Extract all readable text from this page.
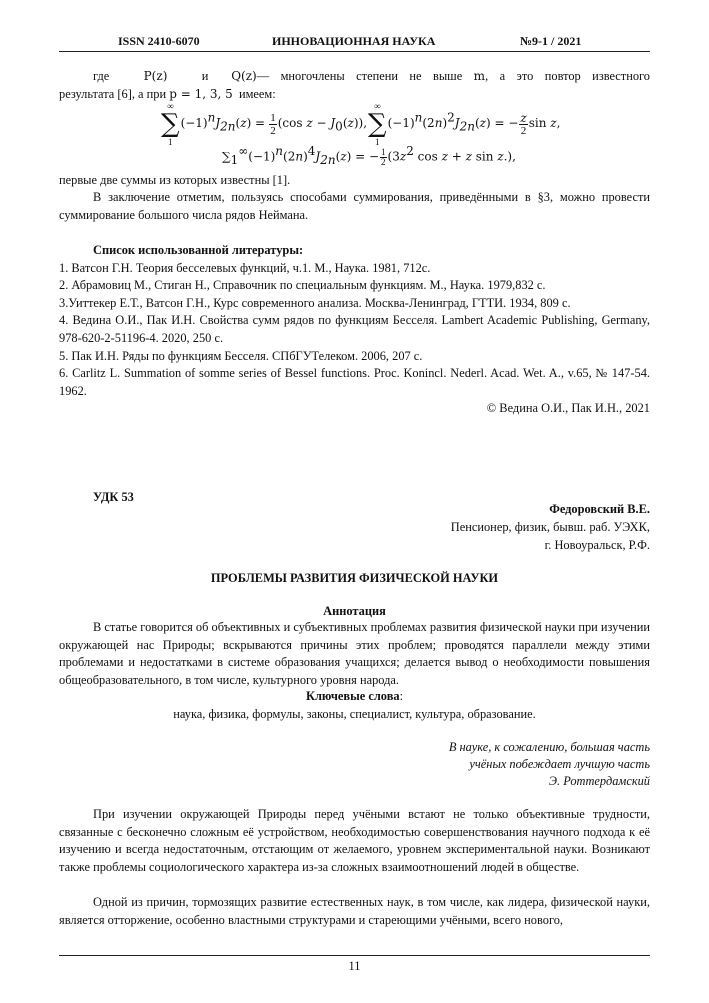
ISSN 2410-6070	ИННОВАЦИОННАЯ НАУКА	№9-1 / 2021

где	P(z)   и  Q(z)— многочлены степени не выше m, а это повтор известного

результата [6], а при p = 1, 3, 5 имеем:
∞
∑
1
$(-1)^nJ_{2n}(z) = \frac{1}{2} (\cos$ $z - J_0(z)$),
∞
∑
1
$(-1)^n(2n)^2J_{2n}(z)$ = − $\frac{z}{2}$ sin z,
$\sum_1^\infty(-1)^n(2n)^4J_{2n}(z)$ = − $\frac{1}{2} (3z^2$ cos z + z sin z.),
первые две суммы из которых известны [1].

В заключение отметим, пользуясь способами суммирования, приведёнными в §3, можно провести суммирование большого числа рядов Неймана.

Список использованной литературы:

1. Ватсон Г.Н. Теория бесселевых функций, ч.1. М., Наука. 1981, 712с.

2. Абрамовиц М., Стиган Н., Справочник по специальным функциям. М., Наука. 1979,832 с.

3.Уиттекер Е.Т., Ватсон Г.Н., Курс современного анализа. Москва-Ленинград, ГТТИ. 1934, 809 с.

4. Ведина О.И., Пак И.Н. Свойства сумм рядов по функциям Бесселя. Lambert Academic Publishing, Germany, 978-620-2-51196-4. 2020, 250 с.

5. Пак И.Н. Ряды по функциям Бесселя. СПбГУТелеком. 2006, 207 с.

6. Carlitz L. Summation of somme series of Bessel functions. Proc. Konincl. Nederl. Acad. Wet. A., v.65, № 147-54. 1962.

© Ведина О.И., Пак И.Н., 2021

УДК 53
Федоровский В.Е.
Пенсионер, физик, бывш. раб. УЭХК,
г. Новоуральск, Р.Ф.
ПРОБЛЕМЫ РАЗВИТИЯ ФИЗИЧЕСКОЙ НАУКИ
Аннотация

В статье говорится об объективных и субъективных проблемах развития физической науки при изучении окружающей нас Природы; вскрываются причины этих проблем; проводятся параллели между этими проблемами и недостатками в системе образования учащихся; делается вывод о необходимости повышения общеобразовательного, в том числе, культурного уровня народа.

Ключевые слова:
наука, физика, формулы, законы, специалист, культура, образование.
В науке, к сожалению, большая часть
учёных побеждает лучшую часть
Э. Роттердамский

При изучении окружающей Природы перед учёными встают не только объективные трудности, связанные с бесконечно сложным её устройством, необходимостью совершенствования научного подхода к её изучению и всегда недостаточным, отстающим от желаемого, уровнем экспериментальной науки. Возникают также проблемы социологического характера из-за сложных взаимоотношений людей в обществе.

Одной из причин, тормозящих развитие естественных наук, в том числе, как лидера, физической науки, является отторжение, особенно властными структурами и стареющими учёными, всего нового,

11
